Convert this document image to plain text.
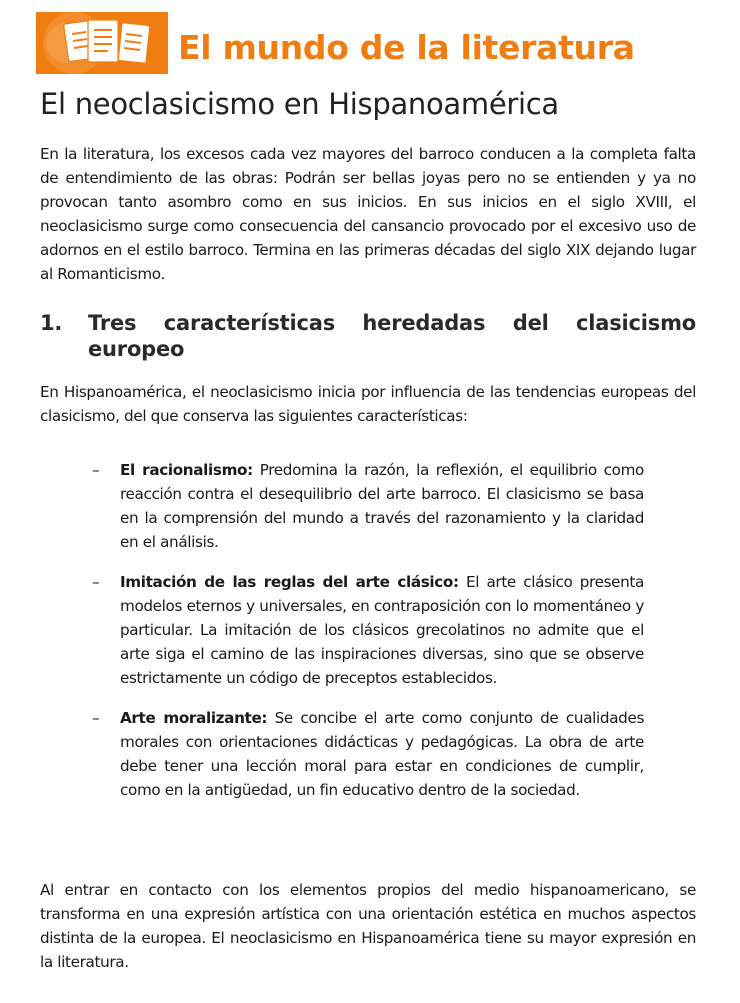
El mundo de la literatura
El neoclasicismo en Hispanoamérica

En la literatura, los excesos cada vez mayores del barroco conducen a la completa falta de entendimiento de las obras: Podrán ser bellas joyas pero no se entienden y ya no provocan tanto asombro como en sus inicios. En sus inicios en el siglo XVIII, el neoclasicismo surge como consecuencia del cansancio provocado por el excesivo uso de adornos en el estilo barroco. Termina en las primeras décadas del siglo XIX dejando lugar al Romanticismo.

1. Tres características heredadas del clasicismo europeo

En Hispanoamérica, el neoclasicismo inicia por influencia de las tendencias europeas del clasicismo, del que conserva las siguientes características:

– El racionalismo: Predomina la razón, la reflexión, el equilibrio como reacción contra el desequilibrio del arte barroco. El clasicismo se basa en la comprensión del mundo a través del razonamiento y la claridad en el análisis.
– Imitación de las reglas del arte clásico: El arte clásico presenta modelos eternos y universales, en contraposición con lo momentáneo y particular. La imitación de los clásicos grecolatinos no admite que el arte siga el camino de las inspiraciones diversas, sino que se observe estrictamente un código de preceptos establecidos.
– Arte moralizante: Se concibe el arte como conjunto de cualidades morales con orientaciones didácticas y pedagógicas. La obra de arte debe tener una lección moral para estar en condiciones de cumplir, como en la antigüedad, un fin educativo dentro de la sociedad.

Al entrar en contacto con los elementos propios del medio hispanoamericano, se transforma en una expresión artística con una orientación estética en muchos aspectos distinta de la europea. El neoclasicismo en Hispanoamérica tiene su mayor expresión en la literatura.
